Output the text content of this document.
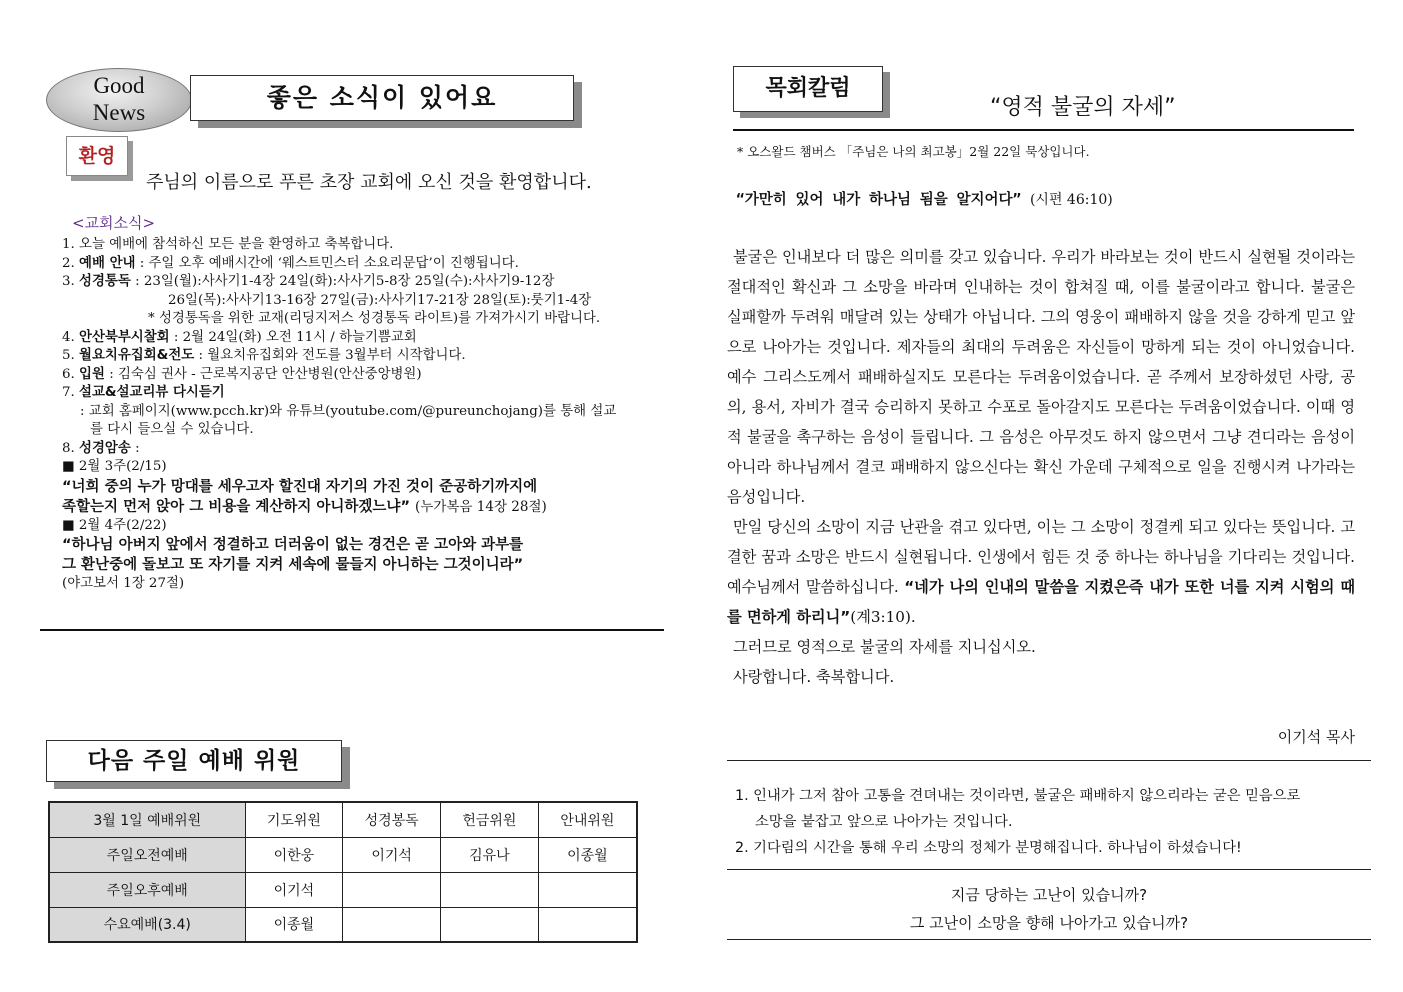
Good
News
좋은 소식이 있어요
환영
주님의 이름으로 푸른 초장 교회에 오신 것을 환영합니다.
<교회소식>
1. 오늘 예배에 참석하신 모든 분을 환영하고 축복합니다.
2. 예배 안내 : 주일 오후 예배시간에 ‘웨스트민스터 소요리문답’이 진행됩니다.
3. 성경통독 : 23일(월):사사기1-4장 24일(화):사사기5-8장 25일(수):사사기9-12장
26일(목):사사기13-16장 27일(금):사사기17-21장 28일(토):룻기1-4장
* 성경통독을 위한 교재(리딩지저스 성경통독 라이트)를 가져가시기 바랍니다.
4. 안산북부시찰회 : 2월 24일(화) 오전 11시 / 하늘기쁨교회
5. 월요치유집회&전도 : 월요치유집회와 전도를 3월부터 시작합니다.
6. 입원 : 김숙심 권사 - 근로복지공단 안산병원(안산중앙병원)
7. 설교&설교리뷰 다시듣기
: 교회 홈페이지(www.pcch.kr)와 유튜브(youtube.com/@pureunchojang)를 통해 설교
를 다시 들으실 수 있습니다.
8. 성경암송 :
■ 2월 3주(2/15)
“너희 중의 누가 망대를 세우고자 할진대 자기의 가진 것이 준공하기까지에
족할는지 먼저 앉아 그 비용을 계산하지 아니하겠느냐” (누가복음 14장 28절)
■ 2월 4주(2/22)
“하나님 아버지 앞에서 정결하고 더러움이 없는 경건은 곧 고아와 과부를
그 환난중에 돌보고 또 자기를 지켜 세속에 물들지 아니하는 그것이니라”
(야고보서 1장 27절)
다음 주일 예배 위원
3월 1일 예배위원	기도위원	성경봉독	헌금위원	안내위원
주일오전예배	이한웅	이기석	김유나	이종월
주일오후예배	이기석			
수요예배(3.4)	이종월			
목회칼럼
“영적 불굴의 자세”
* 오스왈드 챔버스 「주님은 나의 최고봉」2월 22일 묵상입니다.
“가만히 있어 내가 하나님 됨을 알지어다” (시편 46:10)

불굴은 인내보다 더 많은 의미를 갖고 있습니다. 우리가 바라보는 것이 반드시 실현될 것이라는 절대적인 확신과 그 소망을 바라며 인내하는 것이 합쳐질 때, 이를 불굴이라고 합니다. 불굴은 실패할까 두려워 매달려 있는 상태가 아닙니다. 그의 영웅이 패배하지 않을 것을 강하게 믿고 앞으로 나아가는 것입니다. 제자들의 최대의 두려움은 자신들이 망하게 되는 것이 아니었습니다. 예수 그리스도께서 패배하실지도 모른다는 두려움이었습니다. 곧 주께서 보장하셨던 사랑, 공의, 용서, 자비가 결국 승리하지 못하고 수포로 돌아갈지도 모른다는 두려움이었습니다. 이때 영적 불굴을 촉구하는 음성이 들립니다. 그 음성은 아무것도 하지 않으면서 그냥 견디라는 음성이 아니라 하나님께서 결코 패배하지 않으신다는 확신 가운데 구체적으로 일을 진행시켜 나가라는 음성입니다.

만일 당신의 소망이 지금 난관을 겪고 있다면, 이는 그 소망이 정결케 되고 있다는 뜻입니다. 고결한 꿈과 소망은 반드시 실현됩니다. 인생에서 힘든 것 중 하나는 하나님을 기다리는 것입니다. 예수님께서 말씀하십니다. “네가 나의 인내의 말씀을 지켰은즉 내가 또한 너를 지켜 시험의 때를 면하게 하리니”(계3:10).

그러므로 영적으로 불굴의 자세를 지니십시오.

사랑합니다. 축복합니다.

이기석 목사
1. 인내가 그저 참아 고통을 견뎌내는 것이라면, 불굴은 패배하지 않으리라는 굳은 믿음으로
소망을 붙잡고 앞으로 나아가는 것입니다.
2. 기다림의 시간을 통해 우리 소망의 정체가 분명해집니다. 하나님이 하셨습니다!
지금 당하는 고난이 있습니까?
그 고난이 소망을 향해 나아가고 있습니까?
